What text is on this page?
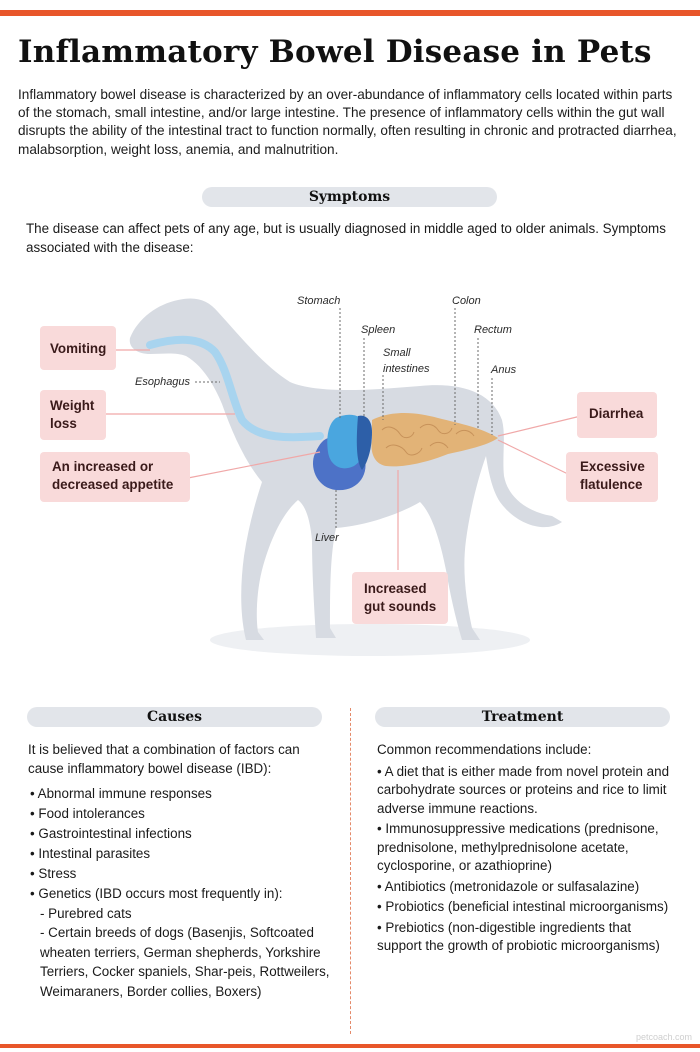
Inflammatory Bowel Disease in Pets
Inflammatory bowel disease is characterized by an over-abundance of inflammatory cells located within parts of the stomach, small intestine, and/or large intestine. The presence of inflammatory cells within the gut wall disrupts the ability of the intestinal tract to function normally, often resulting in chronic and protracted diarrhea, malabsorption, weight loss, anemia, and malnutrition.
Symptoms
The disease can affect pets of any age, but is usually diagnosed in middle aged to older animals. Symptoms associated with the disease:
Stomach	Colon
Spleen	Rectum
Small
intestines	Anus
Esophagus
Liver
Vomiting
Weight loss
An increased or decreased appetite
Diarrhea
Excessive flatulence
Increased gut sounds
Causes
It is believed that a combination of factors can cause inflammatory bowel disease (IBD):
• Abnormal immune responses
• Food intolerances
• Gastrointestinal infections
• Intestinal parasites
• Stress
• Genetics (IBD occurs most frequently in):
- Purebred cats
- Certain breeds of dogs (Basenjis, Softcoated wheaten terriers, German shepherds, Yorkshire Terriers, Cocker spaniels, Shar-peis, Rottweilers, Weimaraners, Border collies, Boxers)
Treatment
Common recommendations include:
• A diet that is either made from novel protein and carbohydrate sources or proteins and rice to limit adverse immune reactions.
• Immunosuppressive medications (prednisone, prednisolone, methylprednisolone acetate, cyclosporine, or azathioprine)
• Antibiotics (metronidazole or sulfasalazine)
• Probiotics (beneficial intestinal microorganisms)
• Prebiotics (non-digestible ingredients that support the growth of probiotic microorganisms)
petcoach.com
